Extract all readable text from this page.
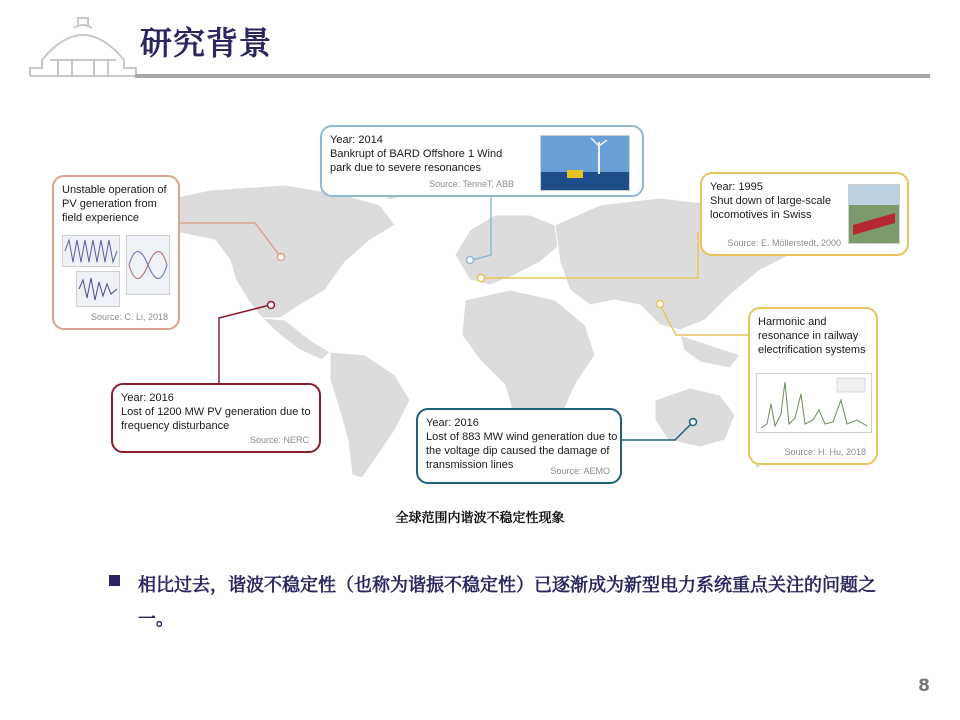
研究背景
Unstable operation of PV generation from field experience
Source: C. Li, 2018
Year: 2014
Bankrupt of BARD Offshore 1 Wind park due to severe resonances
Source: TenneT, ABB	Year: 1995
Shut down of large-scale locomotives in Swiss
Source: E. Möllerstedt, 2000
Harmonic and resonance in railway electrification systems
Source: H. Hu, 2018
Year: 2016
Lost of 1200 MW PV generation due to frequency disturbance
Source: NERC
Year: 2016
Lost of 883 MW wind generation due to the voltage dip caused the damage of transmission lines	Source: AEMO
全球范围内谐波不稳定性现象
相比过去，谐波不稳定性（也称为谐振不稳定性）已逐渐成为新型电力系统重点关注的问题之一。
8
